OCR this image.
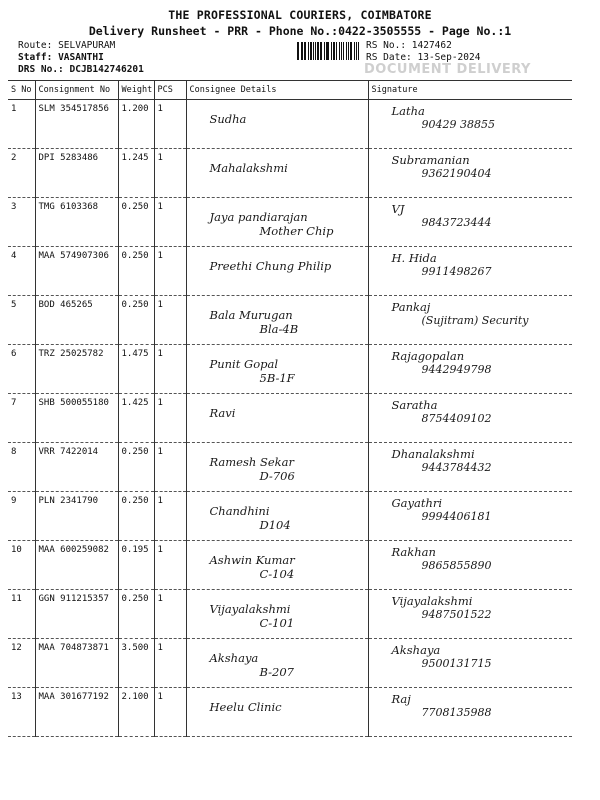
THE PROFESSIONAL COURIERS, COIMBATORE
Delivery Runsheet - PRR - Phone No.:0422-3505555 - Page No.:1
Route: SELVAPURAM
Staff: VASANTHI
DRS No.: DCJB142746201
RS No.: 1427462
RS Date: 13-Sep-2024
DOCUMENT DELIVERY
S No	Consignment No	Weight	PCS	Consignee Details	Signature
1	SLM 354517856	1.200	1	Sudha	Latha
90429 38855

2	DPI 5283486	1.245	1	Mahalakshmi	Subramanian
9362190404

3	TMG 6103368	0.250	1	Jaya pandiarajan
Mother Chip	VJ
9843723444

4	MAA 574907306	0.250	1	Preethi Chung Philip	H. Hida
9911498267

5	BOD 465265	0.250	1	Bala Murugan
Bla-4B	Pankaj
(Sujitram) Security

6	TRZ 25025782	1.475	1	Punit Gopal
5B-1F	Rajagopalan
9442949798

7	SHB 500055180	1.425	1	Ravi	Saratha
8754409102

8	VRR 7422014	0.250	1	Ramesh Sekar
D-706	Dhanalakshmi
9443784432

9	PLN 2341790	0.250	1	Chandhini
D104	Gayathri
9994406181

10	MAA 600259082	0.195	1	Ashwin Kumar
C-104	Rakhan
9865855890

11	GGN 911215357	0.250	1	Vijayalakshmi
C-101	Vijayalakshmi
9487501522

12	MAA 704873871	3.500	1	Akshaya
B-207	Akshaya
9500131715

13	MAA 301677192	2.100	1	Heelu Clinic	Raj
7708135988
